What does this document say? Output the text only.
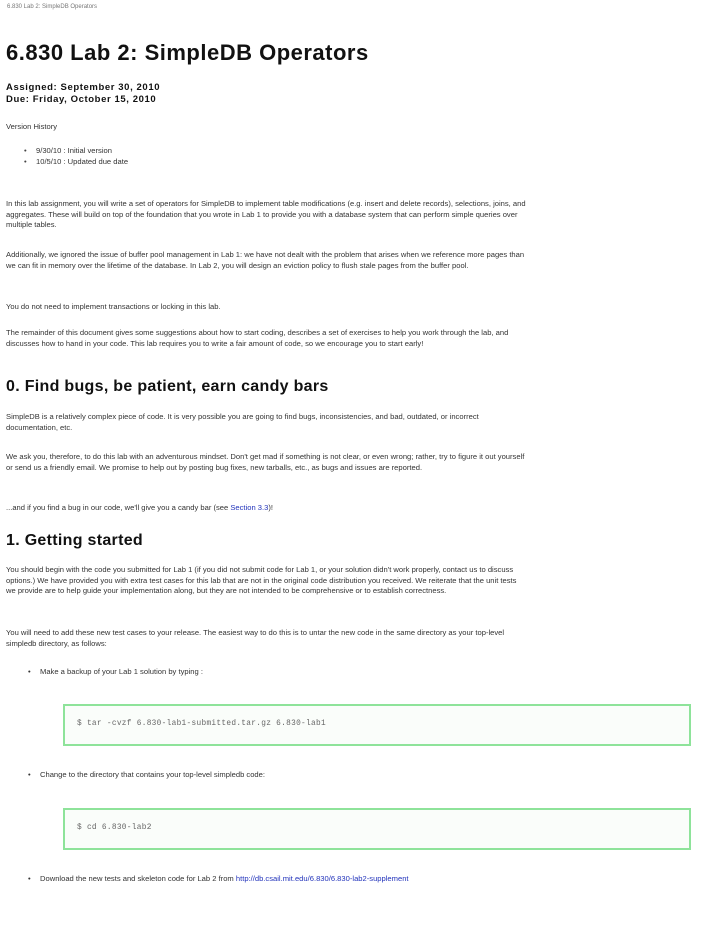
6.830 Lab 2: SimpleDB Operators
6.830 Lab 2: SimpleDB Operators
Assigned: September 30, 2010
Due: Friday, October 15, 2010

Version History

• 9/30/10 : Initial version
• 10/5/10 : Updated due date

In this lab assignment, you will write a set of operators for SimpleDB to implement table modifications (e.g. insert and delete records), selections, joins, and aggregates. These will build on top of the foundation that you wrote in Lab 1 to provide you with a database system that can perform simple queries over multiple tables.

Additionally, we ignored the issue of buffer pool management in Lab 1: we have not dealt with the problem that arises when we reference more pages than we can fit in memory over the lifetime of the database. In Lab 2, you will design an eviction policy to flush stale pages from the buffer pool.

You do not need to implement transactions or locking in this lab.

The remainder of this document gives some suggestions about how to start coding, describes a set of exercises to help you work through the lab, and discusses how to hand in your code. This lab requires you to write a fair amount of code, so we encourage you to start early!

0. Find bugs, be patient, earn candy bars

SimpleDB is a relatively complex piece of code. It is very possible you are going to find bugs, inconsistencies, and bad, outdated, or incorrect documentation, etc.

We ask you, therefore, to do this lab with an adventurous mindset. Don't get mad if something is not clear, or even wrong; rather, try to figure it out yourself or send us a friendly email. We promise to help out by posting bug fixes, new tarballs, etc., as bugs and issues are reported.

...and if you find a bug in our code, we'll give you a candy bar (see Section 3.3)!

1. Getting started

You should begin with the code you submitted for Lab 1 (if you did not submit code for Lab 1, or your solution didn't work properly, contact us to discuss options.) We have provided you with extra test cases for this lab that are not in the original code distribution you received. We reiterate that the unit tests we provide are to help guide your implementation along, but they are not intended to be comprehensive or to establish correctness.

You will need to add these new test cases to your release. The easiest way to do this is to untar the new code in the same directory as your top-level simpledb directory, as follows:

• Make a backup of your Lab 1 solution by typing :
$ tar -cvzf 6.830-lab1-submitted.tar.gz 6.830-lab1
• Change to the directory that contains your top-level simpledb code:
$ cd 6.830-lab2
• Download the new tests and skeleton code for Lab 2 from http://db.csail.mit.edu/6.830/6.830-lab2-supplement
